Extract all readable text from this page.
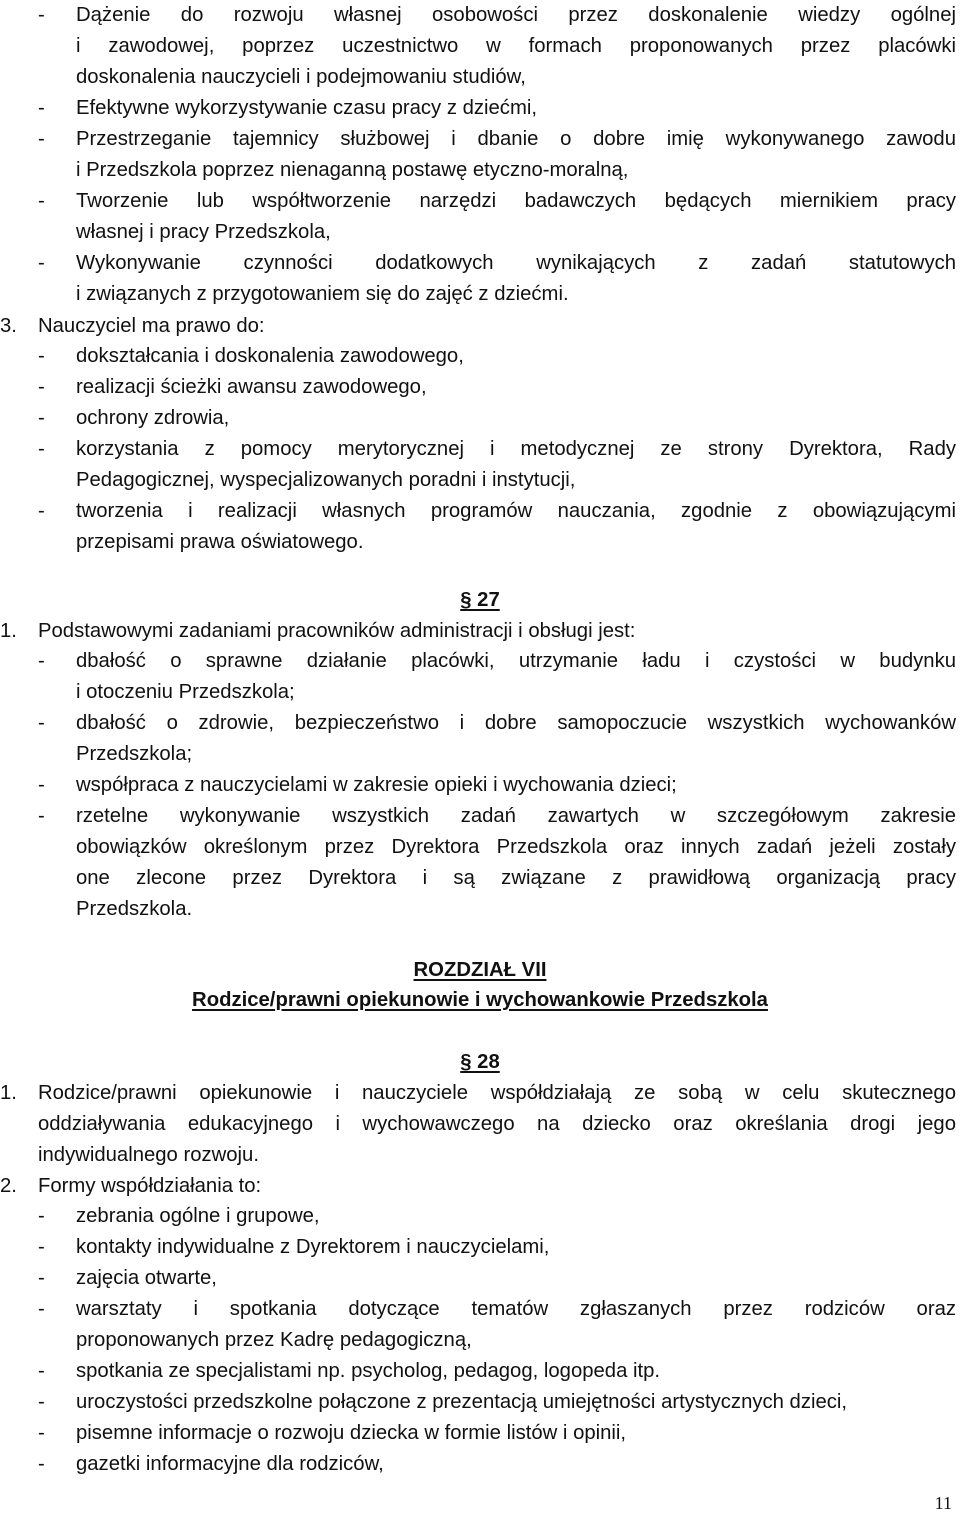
- Dążenie do rozwoju własnej osobowości przez doskonalenie wiedzy ogólnej
i zawodowej, poprzez uczestnictwo w formach proponowanych przez placówki
doskonalenia nauczycieli i podejmowaniu studiów,
- Efektywne wykorzystywanie czasu pracy z dziećmi,
- Przestrzeganie tajemnicy służbowej i dbanie o dobre imię wykonywanego zawodu
i Przedszkola poprzez nienaganną postawę etyczno-moralną,
- Tworzenie lub współtworzenie narzędzi badawczych będących miernikiem pracy
własnej i pracy Przedszkola,
- Wykonywanie czynności dodatkowych wynikających z zadań statutowych
i związanych z przygotowaniem się do zajęć z dziećmi.
3. Nauczyciel ma prawo do:
- dokształcania i doskonalenia zawodowego,
- realizacji ścieżki awansu zawodowego,
- ochrony zdrowia,
- korzystania z pomocy merytorycznej i metodycznej ze strony Dyrektora, Rady
Pedagogicznej, wyspecjalizowanych poradni i instytucji,
- tworzenia i realizacji własnych programów nauczania, zgodnie z obowiązującymi
przepisami prawa oświatowego.
§ 27
1. Podstawowymi zadaniami pracowników administracji i obsługi jest:
- dbałość o sprawne działanie placówki, utrzymanie ładu i czystości w budynku
i otoczeniu Przedszkola;
- dbałość o zdrowie, bezpieczeństwo i dobre samopoczucie wszystkich wychowanków
Przedszkola;
- współpraca z nauczycielami w zakresie opieki i wychowania dzieci;
- rzetelne wykonywanie wszystkich zadań zawartych w szczegółowym zakresie
obowiązków określonym przez Dyrektora Przedszkola oraz innych zadań jeżeli zostały
one zlecone przez Dyrektora i są związane z prawidłową organizacją pracy
Przedszkola.
ROZDZIAŁ VII
Rodzice/prawni opiekunowie i wychowankowie Przedszkola
§ 28
1. Rodzice/prawni opiekunowie i nauczyciele współdziałają ze sobą w celu skutecznego
oddziaływania edukacyjnego i wychowawczego na dziecko oraz określania drogi jego
indywidualnego rozwoju.
2. Formy współdziałania to:
- zebrania ogólne i grupowe,
- kontakty indywidualne z Dyrektorem i nauczycielami,
- zajęcia otwarte,
- warsztaty i spotkania dotyczące tematów zgłaszanych przez rodziców oraz
proponowanych przez Kadrę pedagogiczną,
- spotkania ze specjalistami np. psycholog, pedagog, logopeda itp.
- uroczystości przedszkolne połączone z prezentacją umiejętności artystycznych dzieci,
- pisemne informacje o rozwoju dziecka w formie listów i opinii,
- gazetki informacyjne dla rodziców,
11
